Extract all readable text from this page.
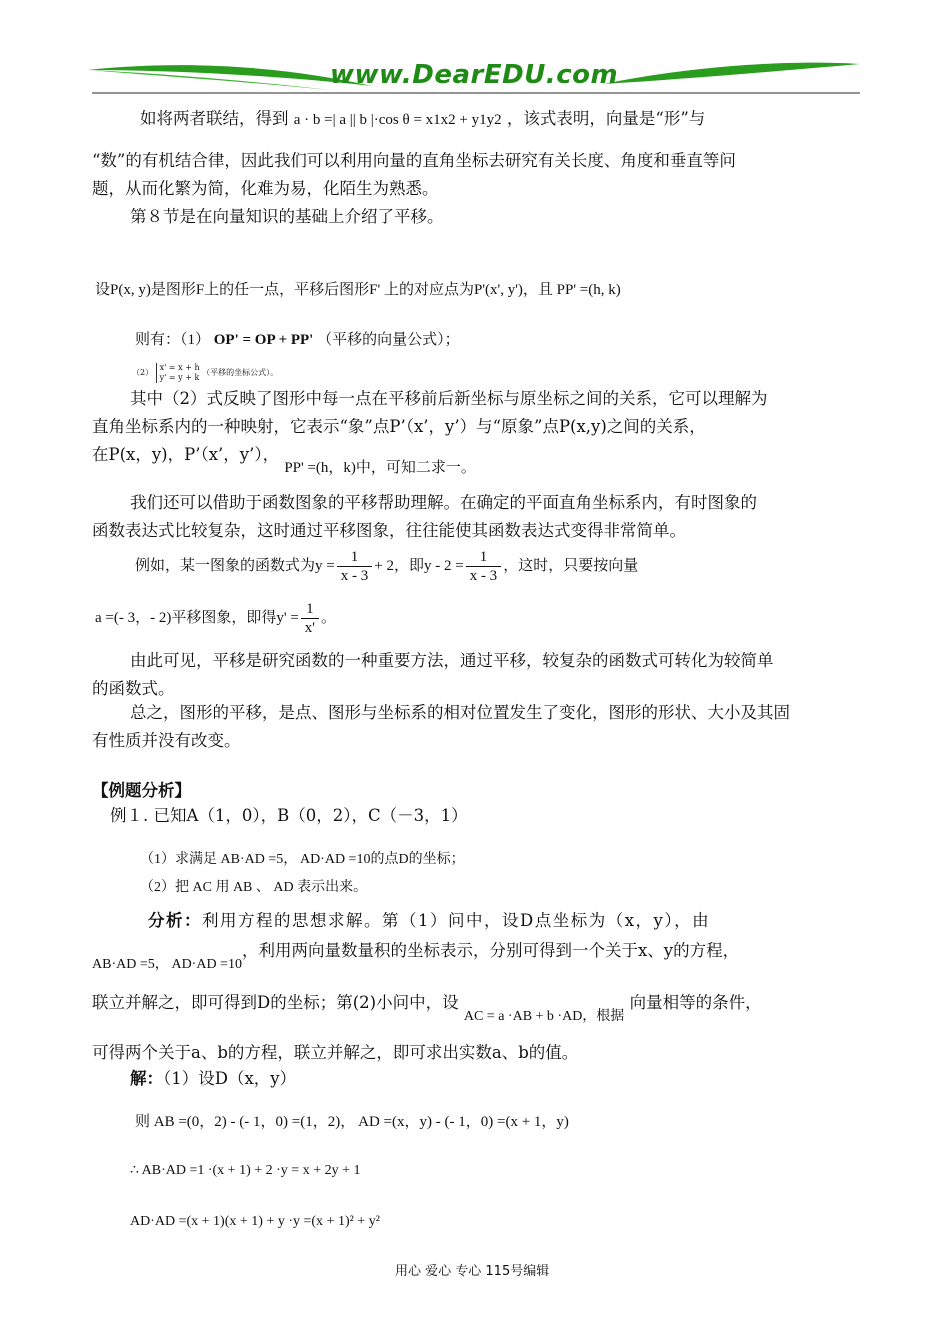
www.DearEDU.com
如将两者联结，得到 a · b =| a || b |·cos θ = x1x2 + y1y2 ，该式表明，向量是“形”与
“数”的有机结合律，因此我们可以利用向量的直角坐标去研究有关长度、角度和垂直等问
题，从而化繁为简，化难为易，化陌生为熟悉。
第８节是在向量知识的基础上介绍了平移。
设P(x, y)是图形F上的任一点，平移后图形F' 上的对应点为P'(x', y')，且 PP' =(h, k)
则有：（1） OP' = OP + PP' （平移的向量公式）；
（2）
x' = x + h
y' = y + k
（平移的坐标公式）。
其中（2）式反映了图形中每一点在平移前后新坐标与原坐标之间的关系，它可以理解为
直角坐标系内的一种映射，它表示“象”点P’（x’，y’）与“原象”点P(x,y)之间的关系，
在P(x，y)，P’（x’，y’）， PP' =(h，k)中，可知二求一。
我们还可以借助于函数图象的平移帮助理解。在确定的平面直角坐标系内，有时图象的
函数表达式比较复杂，这时通过平移图象，往往能使其函数表达式变得非常简单。
例如，某一图象的函数式为$y = \frac{1}{x - 3} + 2$，即$y - 2 = \frac{1}{x - 3}$ ，这时，只要按向量
a =(- 3，- 2)平移图象，即得$y' = \frac{1}{x'}$ 。
由此可见，平移是研究函数的一种重要方法，通过平移，较复杂的函数式可转化为较简单
的函数式。
总之，图形的平移，是点、图形与坐标系的相对位置发生了变化，图形的形状、大小及其固
有性质并没有改变。
【例题分析】
例１. 已知A（1，0），B（0，2），C（－3，1）
（1）求满足 AB·AD =5， AD·AD =10的点D的坐标；
（2）把 AC 用 AB 、 AD 表示出来。
分析：利用方程的思想求解。第（1）问中，设D点坐标为（x，y），由
$_{AB\cdot AD =5, AD\cdot AD =10}$，利用两向量数量积的坐标表示，分别可得到一个关于x、y的方程，
联立并解之，即可得到D的坐标；第(2)小问中，设 $_{AC = a \cdot AB + b \cdot AD,根据}$ 向量相等的条件，
可得两个关于a、b的方程，联立并解之，即可求出实数a、b的值。
解：（1）设D（x，y）
则 AB =(0，2) - (- 1，0) =(1，2)， AD =(x，y) - (- 1，0) =(x + 1，y)
∴ AB·AD =1 ·(x + 1) + 2 ·y = x + 2y + 1
AD·AD =(x + 1)(x + 1) + y ·y =(x + 1)² + y²
用心 爱心 专心 115号编辑
